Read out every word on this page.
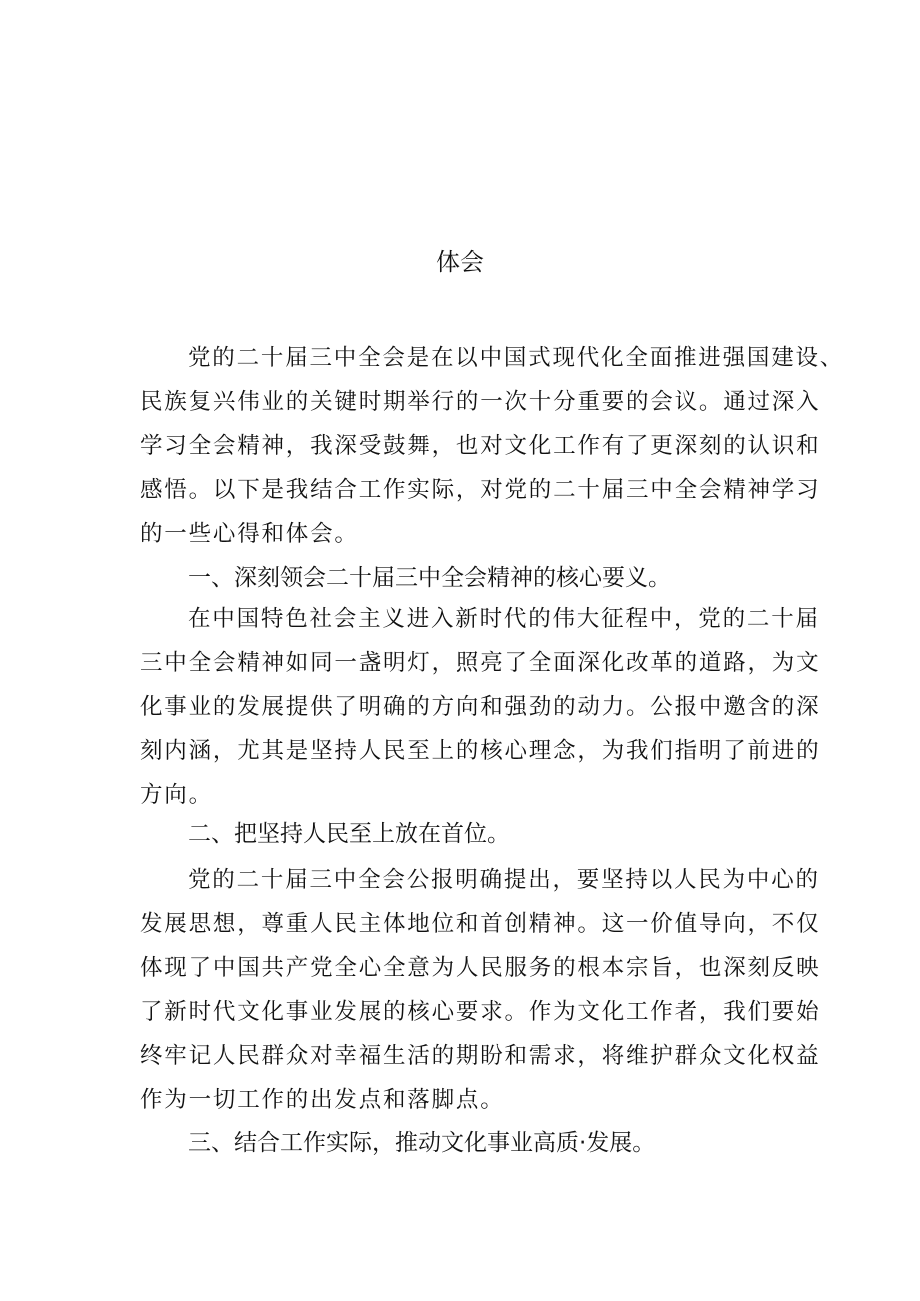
体会
党的二十届三中全会是在以中国式现代化全面推进强国建设、
民族复兴伟业的关键时期举行的一次十分重要的会议。通过深入
学习全会精神，我深受鼓舞，也对文化工作有了更深刻的认识和
感悟。以下是我结合工作实际，对党的二十届三中全会精神学习
的一些心得和体会。
一、深刻领会二十届三中全会精神的核心要义。
在中国特色社会主义进入新时代的伟大征程中，党的二十届
三中全会精神如同一盏明灯，照亮了全面深化改革的道路，为文
化事业的发展提供了明确的方向和强劲的动力。公报中邀含的深
刻内涵，尤其是坚持人民至上的核心理念，为我们指明了前进的
方向。
二、把坚持人民至上放在首位。
党的二十届三中全会公报明确提出，要坚持以人民为中心的
发展思想，尊重人民主体地位和首创精神。这一价值导向，不仅
体现了中国共产党全心全意为人民服务的根本宗旨，也深刻反映
了新时代文化事业发展的核心要求。作为文化工作者，我们要始
终牢记人民群众对幸福生活的期盼和需求，将维护群众文化权益
作为一切工作的出发点和落脚点。
三、结合工作实际，推动文化事业高质·发展。
